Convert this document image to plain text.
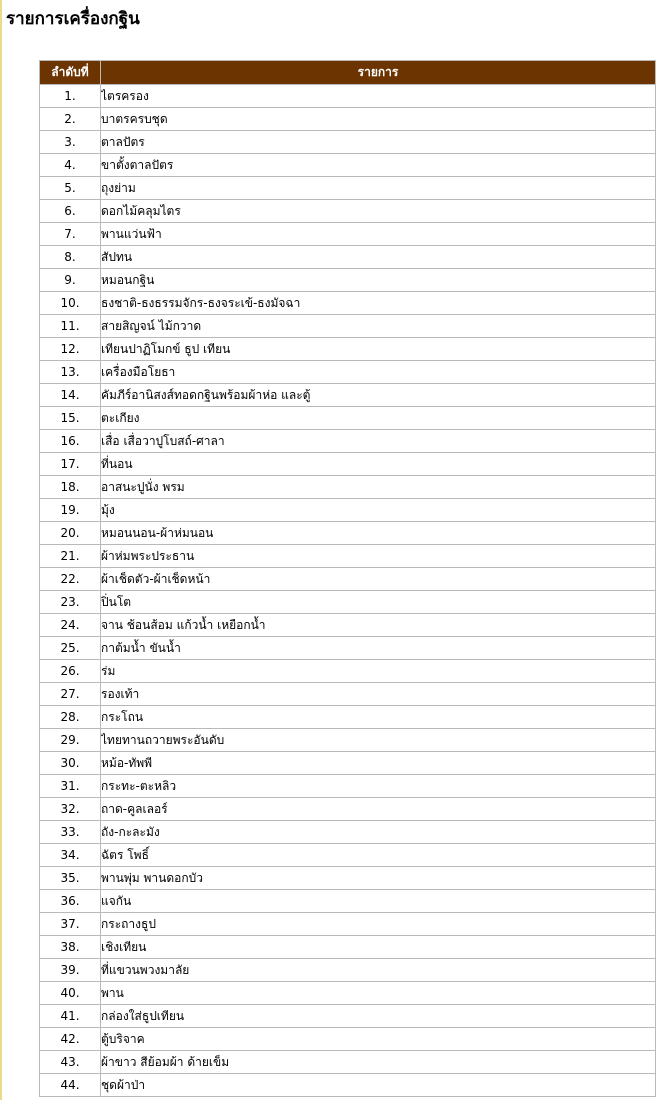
รายการเครื่องกฐิน
ลำดับที่	รายการ
1.	ไตรครอง
2.	บาตรครบชุด
3.	ตาลปัตร
4.	ขาตั้งตาลปัตร
5.	ถุงย่าม
6.	ดอกไม้คลุมไตร
7.	พานแว่นฟ้า
8.	สัปทน
9.	หมอนกฐิน
10.	ธงชาติ-ธงธรรมจักร-ธงจระเข้-ธงมัจฉา
11.	สายสิญจน์ ไม้กวาด
12.	เทียนปาฏิโมกข์ ธูป เทียน
13.	เครื่องมือโยธา
14.	คัมภีร์อานิสงส์ทอดกฐินพร้อมผ้าห่อ และตู้
15.	ตะเกียง
16.	เสื่อ เสื่อวาปูโบสถ์-ศาลา
17.	ที่นอน
18.	อาสนะปูนั่ง พรม
19.	มุ้ง
20.	หมอนนอน-ผ้าห่มนอน
21.	ผ้าห่มพระประธาน
22.	ผ้าเช็ดตัว-ผ้าเช็ดหน้า
23.	ปิ่นโต
24.	จาน ช้อนส้อม แก้วน้ำ เหยือกน้ำ
25.	กาต้มน้ำ ขันน้ำ
26.	ร่ม
27.	รองเท้า
28.	กระโถน
29.	ไทยทานถวายพระอันดับ
30.	หม้อ-ทัพพี
31.	กระทะ-ตะหลิว
32.	ถาด-คูลเลอร์
33.	ถัง-กะละมัง
34.	ฉัตร โพธิ์
35.	พานพุ่ม พานดอกบัว
36.	แจกัน
37.	กระถางธูป
38.	เชิงเทียน
39.	ที่แขวนพวงมาลัย
40.	พาน
41.	กล่องใส่ธูปเทียน
42.	ตู้บริจาค
43.	ผ้าขาว สีย้อมผ้า ด้ายเข็ม
44.	ชุดผ้าป่า
